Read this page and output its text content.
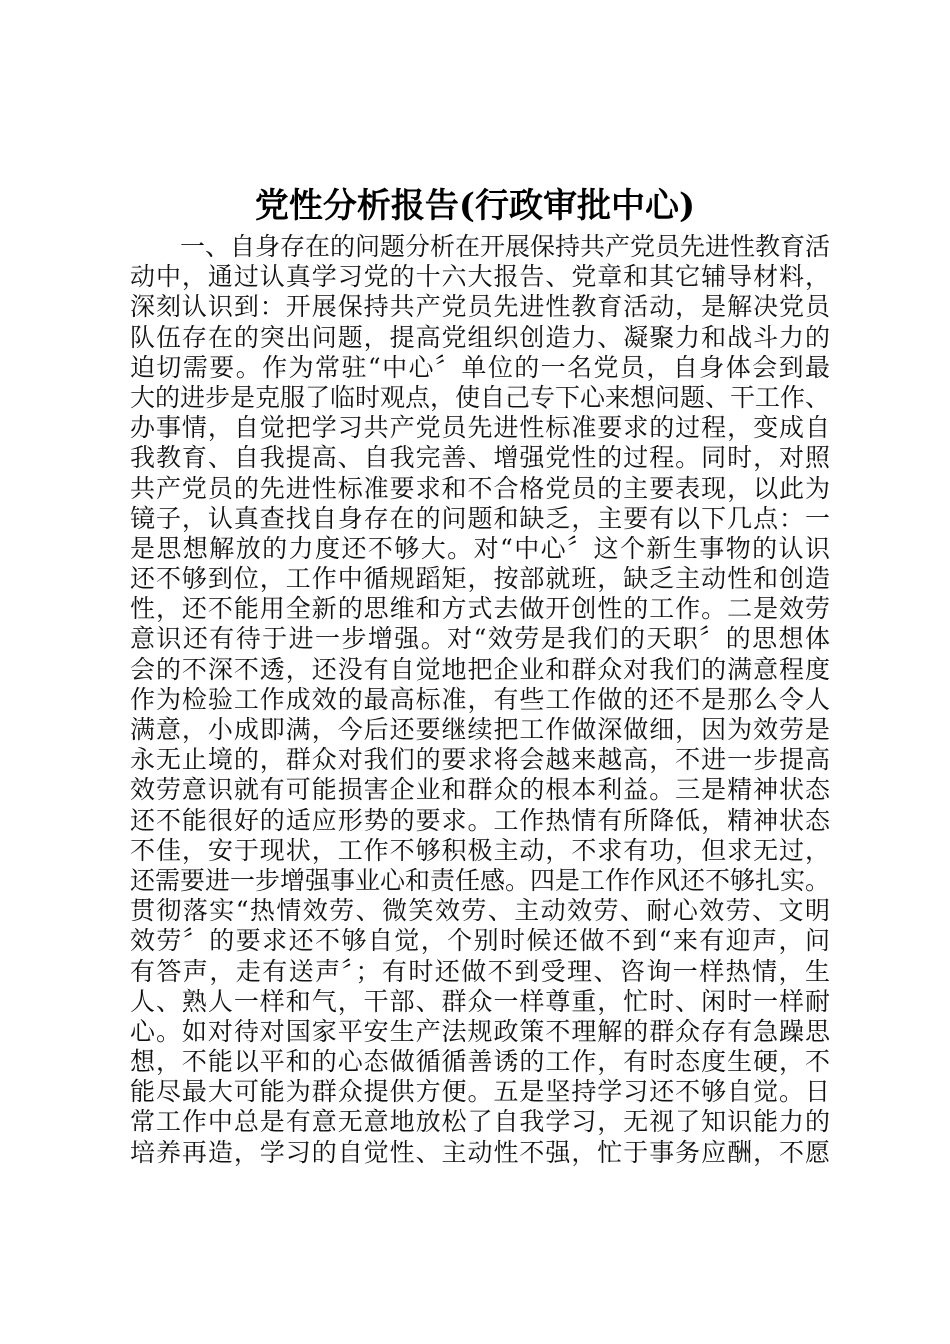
党性分析报告(行政审批中心)
一、自身存在的问题分析在开展保持共产党员先进性教育活
动中，通过认真学习党的十六大报告、党章和其它辅导材料，
深刻认识到：开展保持共产党员先进性教育活动，是解决党员
队伍存在的突出问题，提高党组织创造力、凝聚力和战斗力的
迫切需要。作为常驻“中心〞单位的一名党员，自身体会到最
大的进步是克服了临时观点，使自己专下心来想问题、干工作、
办事情，自觉把学习共产党员先进性标准要求的过程，变成自
我教育、自我提高、自我完善、增强党性的过程。同时，对照
共产党员的先进性标准要求和不合格党员的主要表现，以此为
镜子，认真查找自身存在的问题和缺乏，主要有以下几点：一
是思想解放的力度还不够大。对“中心〞这个新生事物的认识
还不够到位，工作中循规蹈矩，按部就班，缺乏主动性和创造
性，还不能用全新的思维和方式去做开创性的工作。二是效劳
意识还有待于进一步增强。对“效劳是我们的天职〞的思想体
会的不深不透，还没有自觉地把企业和群众对我们的满意程度
作为检验工作成效的最高标准，有些工作做的还不是那么令人
满意，小成即满，今后还要继续把工作做深做细，因为效劳是
永无止境的，群众对我们的要求将会越来越高，不进一步提高
效劳意识就有可能损害企业和群众的根本利益。三是精神状态
还不能很好的适应形势的要求。工作热情有所降低，精神状态
不佳，安于现状，工作不够积极主动，不求有功，但求无过，
还需要进一步增强事业心和责任感。四是工作作风还不够扎实。
贯彻落实“热情效劳、微笑效劳、主动效劳、耐心效劳、文明
效劳〞的要求还不够自觉，个别时候还做不到“来有迎声，问
有答声，走有送声〞；有时还做不到受理、咨询一样热情，生
人、熟人一样和气，干部、群众一样尊重，忙时、闲时一样耐
心。如对待对国家平安生产法规政策不理解的群众存有急躁思
想，不能以平和的心态做循循善诱的工作，有时态度生硬，不
能尽最大可能为群众提供方便。五是坚持学习还不够自觉。日
常工作中总是有意无意地放松了自我学习，无视了知识能力的
培养再造，学习的自觉性、主动性不强，忙于事务应酬，不愿
